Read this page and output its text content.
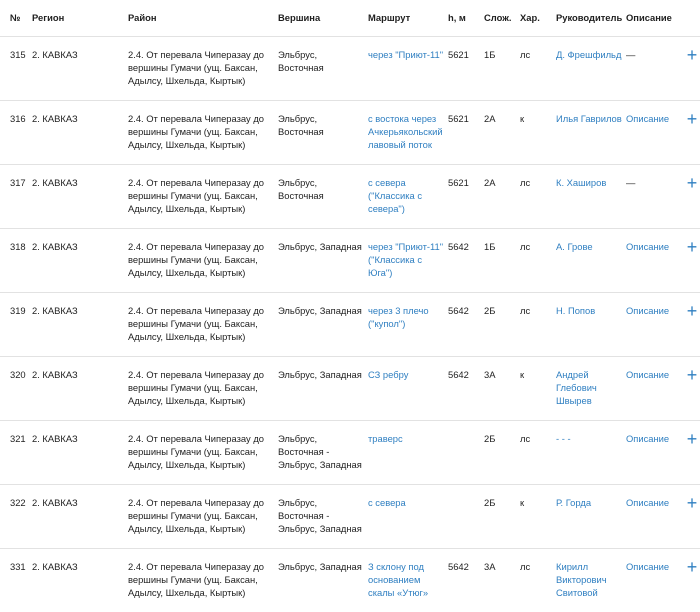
№	Регион	Район	Вершина	Маршрут	h, м	Слож.	Хар.	Руководитель	Описание	
315	2. КАВКАЗ	2.4. От перевала Чиперазау до вершины Гумачи (ущ. Баксан, Адылсу, Шхельда, Кыртык)	Эльбрус, Восточная	через "Приют-11"	5621	1Б	лс	Д. Фрешфильд	—	+
316	2. КАВКАЗ	2.4. От перевала Чиперазау до вершины Гумачи (ущ. Баксан, Адылсу, Шхельда, Кыртык)	Эльбрус, Восточная	с востока через Ачкерьякольский лавовый поток	5621	2А	к	Илья Гаврилов	Описание	+
317	2. КАВКАЗ	2.4. От перевала Чиперазау до вершины Гумачи (ущ. Баксан, Адылсу, Шхельда, Кыртык)	Эльбрус, Восточная	с севера ("Классика с севера")	5621	2А	лс	К. Хаширов	—	+
318	2. КАВКАЗ	2.4. От перевала Чиперазау до вершины Гумачи (ущ. Баксан, Адылсу, Шхельда, Кыртык)	Эльбрус, Западная	через "Приют-11" ("Классика с Юга")	5642	1Б	лс	А. Грове	Описание	+
319	2. КАВКАЗ	2.4. От перевала Чиперазау до вершины Гумачи (ущ. Баксан, Адылсу, Шхельда, Кыртык)	Эльбрус, Западная	через 3 плечо ("купол")	5642	2Б	лс	Н. Попов	Описание	+
320	2. КАВКАЗ	2.4. От перевала Чиперазау до вершины Гумачи (ущ. Баксан, Адылсу, Шхельда, Кыртык)	Эльбрус, Западная	СЗ ребру	5642	3А	к	Андрей Глебович Швырев	Описание	+
321	2. КАВКАЗ	2.4. От перевала Чиперазау до вершины Гумачи (ущ. Баксан, Адылсу, Шхельда, Кыртык)	Эльбрус, Восточная - Эльбрус, Западная	траверс		2Б	лс	- - -	Описание	+
322	2. КАВКАЗ	2.4. От перевала Чиперазау до вершины Гумачи (ущ. Баксан, Адылсу, Шхельда, Кыртык)	Эльбрус, Восточная - Эльбрус, Западная	с севера		2Б	к	Р. Горда	Описание	+
331	2. КАВКАЗ	2.4. От перевала Чиперазау до вершины Гумачи (ущ. Баксан, Адылсу, Шхельда, Кыртык)	Эльбрус, Западная	З склону под основанием скалы «Утюг»	5642	3А	лс	Кирилл Викторович Свитовой	Описание	+
